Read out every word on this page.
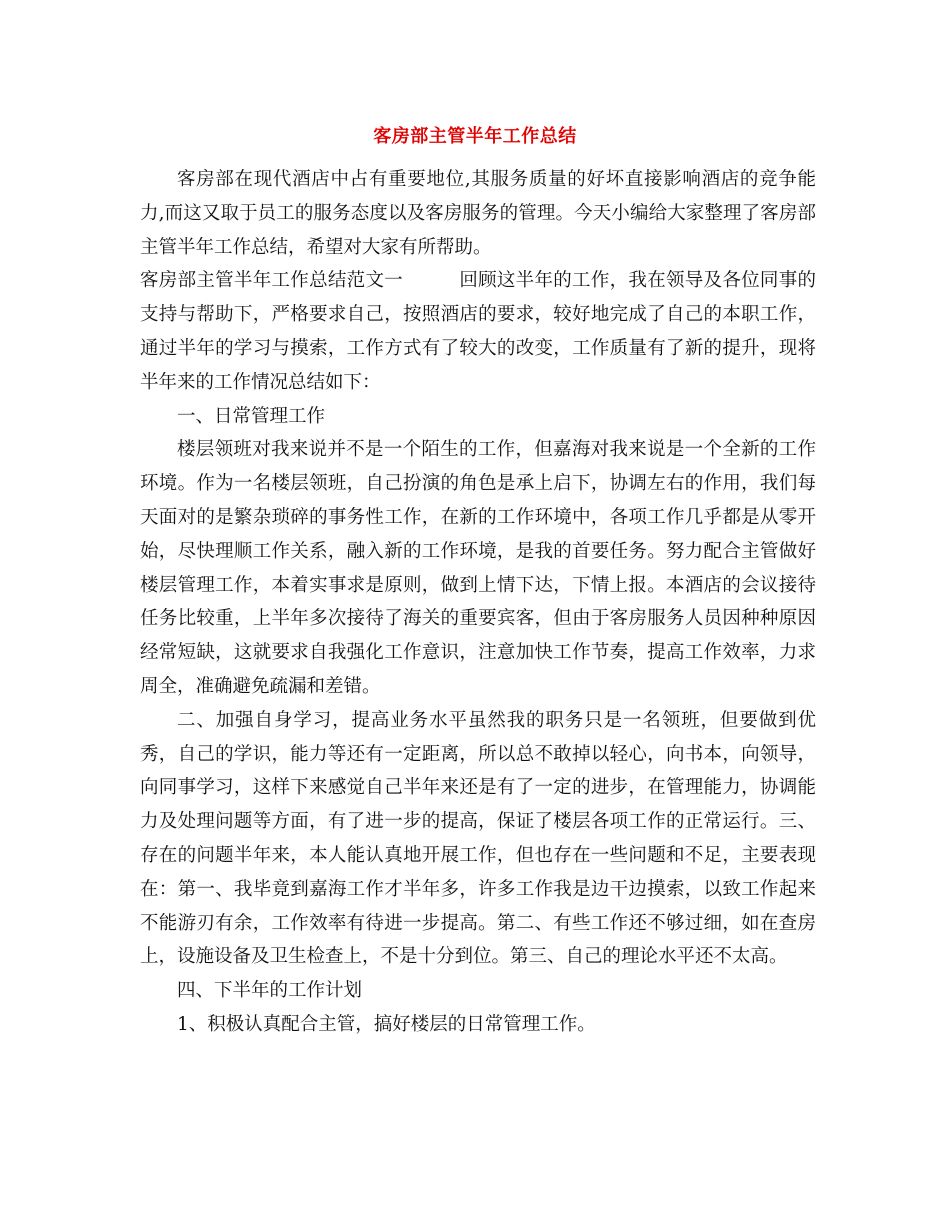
客房部主管半年工作总结

客房部在现代酒店中占有重要地位,其服务质量的好坏直接影响酒店的竞争能力,而这又取于员工的服务态度以及客房服务的管理。今天小编给大家整理了客房部主管半年工作总结，希望对大家有所帮助。

客房部主管半年工作总结范文一	回顾这半年的工作，我在领导及各位同事的支持与帮助下，严格要求自己，按照酒店的要求，较好地完成了自己的本职工作，通过半年的学习与摸索，工作方式有了较大的改变，工作质量有了新的提升，现将半年来的工作情况总结如下：

一、日常管理工作

楼层领班对我来说并不是一个陌生的工作，但嘉海对我来说是一个全新的工作环境。作为一名楼层领班，自己扮演的角色是承上启下，协调左右的作用，我们每天面对的是繁杂琐碎的事务性工作，在新的工作环境中，各项工作几乎都是从零开始，尽快理顺工作关系，融入新的工作环境，是我的首要任务。努力配合主管做好楼层管理工作，本着实事求是原则，做到上情下达，下情上报。本酒店的会议接待任务比较重，上半年多次接待了海关的重要宾客，但由于客房服务人员因种种原因经常短缺，这就要求自我强化工作意识，注意加快工作节奏，提高工作效率，力求周全，准确避免疏漏和差错。

二、加强自身学习，提高业务水平虽然我的职务只是一名领班，但要做到优秀，自己的学识，能力等还有一定距离，所以总不敢掉以轻心，向书本，向领导，向同事学习，这样下来感觉自己半年来还是有了一定的进步，在管理能力，协调能力及处理问题等方面，有了进一步的提高，保证了楼层各项工作的正常运行。三、存在的问题半年来，本人能认真地开展工作，但也存在一些问题和不足，主要表现在：第一、我毕竟到嘉海工作才半年多，许多工作我是边干边摸索，以致工作起来不能游刃有余，工作效率有待进一步提高。第二、有些工作还不够过细，如在查房上，设施设备及卫生检查上，不是十分到位。第三、自己的理论水平还不太高。

四、下半年的工作计划

1、积极认真配合主管，搞好楼层的日常管理工作。
